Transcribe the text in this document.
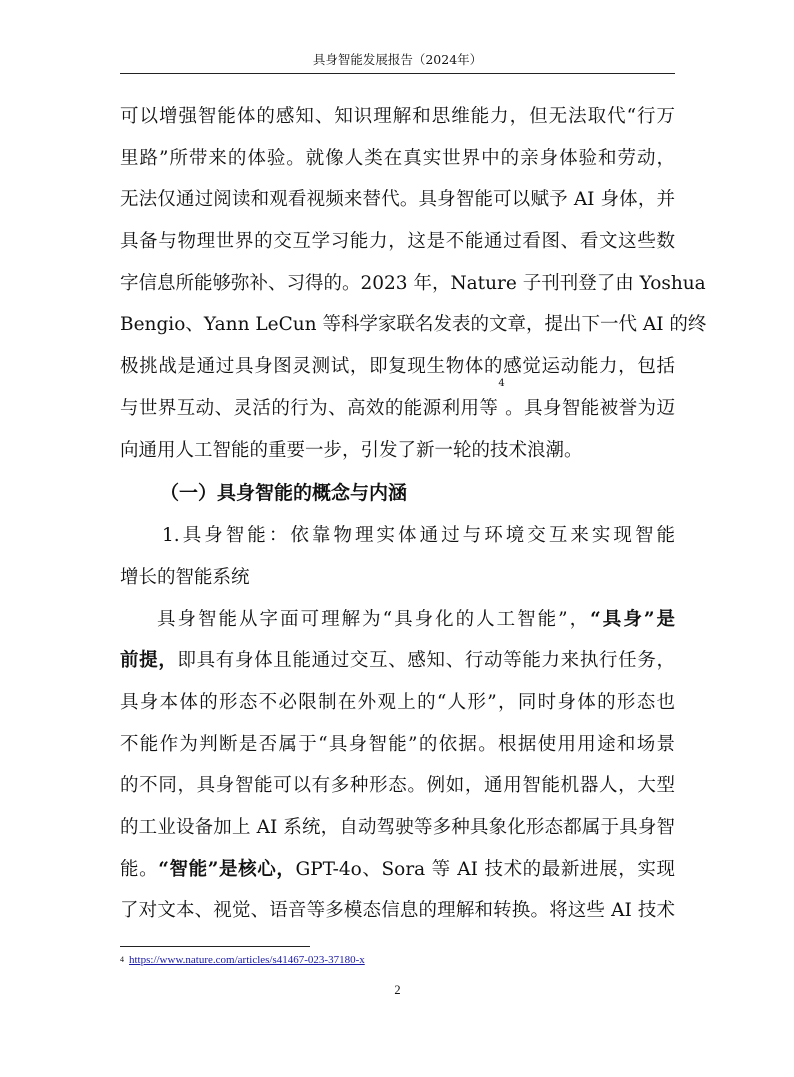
具身智能发展报告（2024年）
可以增强智能体的感知、知识理解和思维能力，但无法取代“行万
里路”所带来的体验。就像人类在真实世界中的亲身体验和劳动，
无法仅通过阅读和观看视频来替代。具身智能可以赋予 AI 身体，并
具备与物理世界的交互学习能力，这是不能通过看图、看文这些数
字信息所能够弥补、习得的。2023 年，Nature 子刊刊登了由 Yoshua
Bengio、Yann LeCun 等科学家联名发表的文章，提出下一代 AI 的终
极挑战是通过具身图灵测试，即复现生物体的感觉运动能力，包括
与世界互动、灵活的行为、高效的能源利用等$^4$。具身智能被誉为迈
向通用人工智能的重要一步，引发了新一轮的技术浪潮。
（一）具身智能的概念与内涵
1.具身智能：依靠物理实体通过与环境交互来实现智能
增长的智能系统
具身智能从字面可理解为“具身化的人工智能”，“具身”是
前提，即具有身体且能通过交互、感知、行动等能力来执行任务，
具身本体的形态不必限制在外观上的“人形”，同时身体的形态也
不能作为判断是否属于“具身智能”的依据。根据使用用途和场景
的不同，具身智能可以有多种形态。例如，通用智能机器人，大型
的工业设备加上 AI 系统，自动驾驶等多种具象化形态都属于具身智
能。“智能”是核心，GPT-4o、Sora 等 AI 技术的最新进展，实现
了对文本、视觉、语音等多模态信息的理解和转换。将这些 AI 技术
$^4$ https://www.nature.com/articles/s41467-023-37180-x
2
